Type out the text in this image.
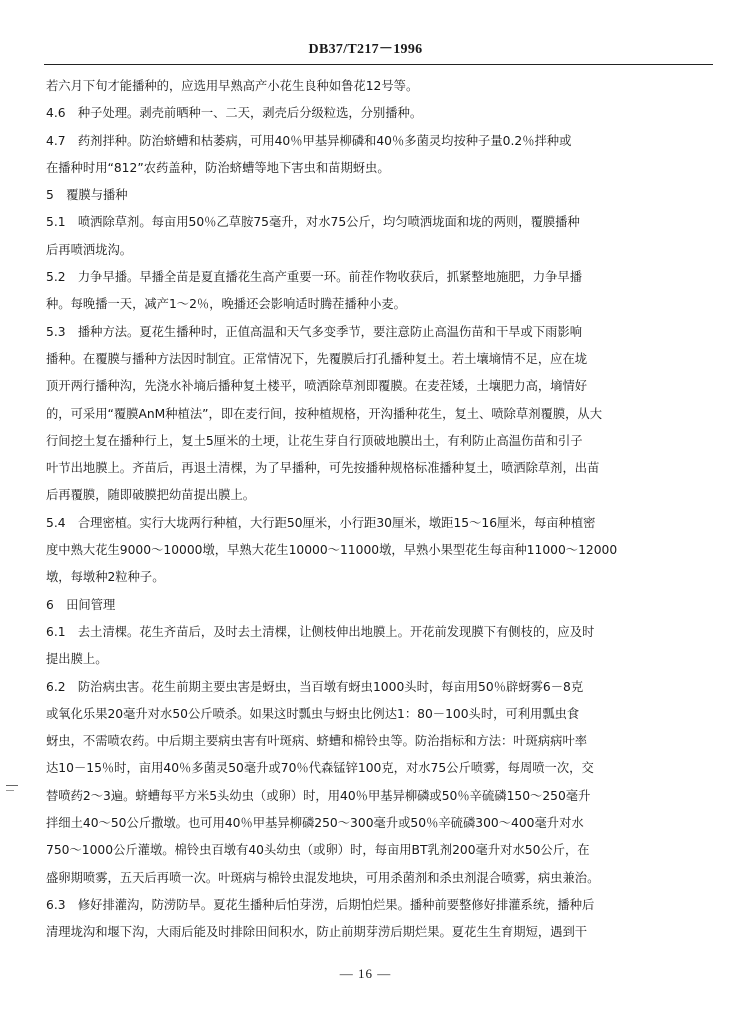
DB37/T217－1996

若六月下旬才能播种的，应选用早熟高产小花生良种如鲁花12号等。

4.6　种子处理。剥壳前晒种一、二天，剥壳后分级粒选，分别播种。

4.7　药剂拌种。防治蛴螬和枯萎病，可用40％甲基异柳磷和40％多菌灵均按种子量0.2％拌种或

在播种时用“812”农药盖种，防治蛴螬等地下害虫和苗期蚜虫。

5　覆膜与播种

5.1　喷洒除草剂。每亩用50％乙草胺75毫升，对水75公斤，均匀喷洒垅面和垅的两则，覆膜播种

后再喷洒垅沟。

5.2　力争早播。早播全苗是夏直播花生高产重要一环。前茬作物收获后，抓紧整地施肥，力争早播

种。每晚播一天，减产1～2％，晚播还会影响适时腾茬播种小麦。

5.3　播种方法。夏花生播种时，正值高温和天气多变季节，要注意防止高温伤苗和干旱或下雨影响

播种。在覆膜与播种方法因时制宜。正常情况下，先覆膜后打孔播种复土。若土壤墒情不足，应在垅

顶开两行播种沟，先浇水补墒后播种复土楼平，喷洒除草剂即覆膜。在麦茬矮，土壤肥力高，墒情好

的，可采用“覆膜AnM种植法”，即在麦行间，按种植规格，开沟播种花生，复土、喷除草剂覆膜，从大

行间挖土复在播种行上，复土5厘米的土埂，让花生芽自行顶破地膜出土，有利防止高温伤苗和引子

叶节出地膜上。齐苗后，再退土清棵，为了早播种，可先按播种规格标准播种复土，喷洒除草剂，出苗

后再覆膜，随即破膜把幼苗提出膜上。

5.4　合理密植。实行大垅两行种植，大行距50厘米，小行距30厘米，墩距15～16厘米，每亩种植密

度中熟大花生9000～10000墩，早熟大花生10000～11000墩，早熟小果型花生每亩种11000～12000

墩，每墩种2粒种子。

6　田间管理

6.1　去土清棵。花生齐苗后，及时去土清棵，让侧枝伸出地膜上。开花前发现膜下有侧枝的，应及时

提出膜上。

6.2　防治病虫害。花生前期主要虫害是蚜虫，当百墩有蚜虫1000头时，每亩用50％辟蚜雾6－8克

或氧化乐果20毫升对水50公斤喷杀。如果这时瓢虫与蚜虫比例达1：80－100头时，可利用瓢虫食

蚜虫，不需喷农药。中后期主要病虫害有叶斑病、蛴螬和棉铃虫等。防治指标和方法：叶斑病病叶率

达10－15％时，亩用40％多菌灵50毫升或70％代森锰锌100克，对水75公斤喷雾，每周喷一次，交

替喷药2～3遍。蛴螬每平方米5头幼虫（或卵）时，用40％甲基异柳磷或50％辛硫磷150～250毫升

拌细土40～50公斤撒墩。也可用40％甲基异柳磷250～300毫升或50％辛硫磷300～400毫升对水

750～1000公斤灌墩。棉铃虫百墩有40头幼虫（或卵）时，每亩用BT乳剂200毫升对水50公斤，在

盛卵期喷雾，五天后再喷一次。叶斑病与棉铃虫混发地块，可用杀菌剂和杀虫剂混合喷雾，病虫兼治。

6.3　修好排灌沟，防涝防旱。夏花生播种后怕芽涝，后期怕烂果。播种前要整修好排灌系统，播种后

清理垅沟和堰下沟，大雨后能及时排除田间积水，防止前期芽涝后期烂果。夏花生生育期短，遇到干

— 16 —
